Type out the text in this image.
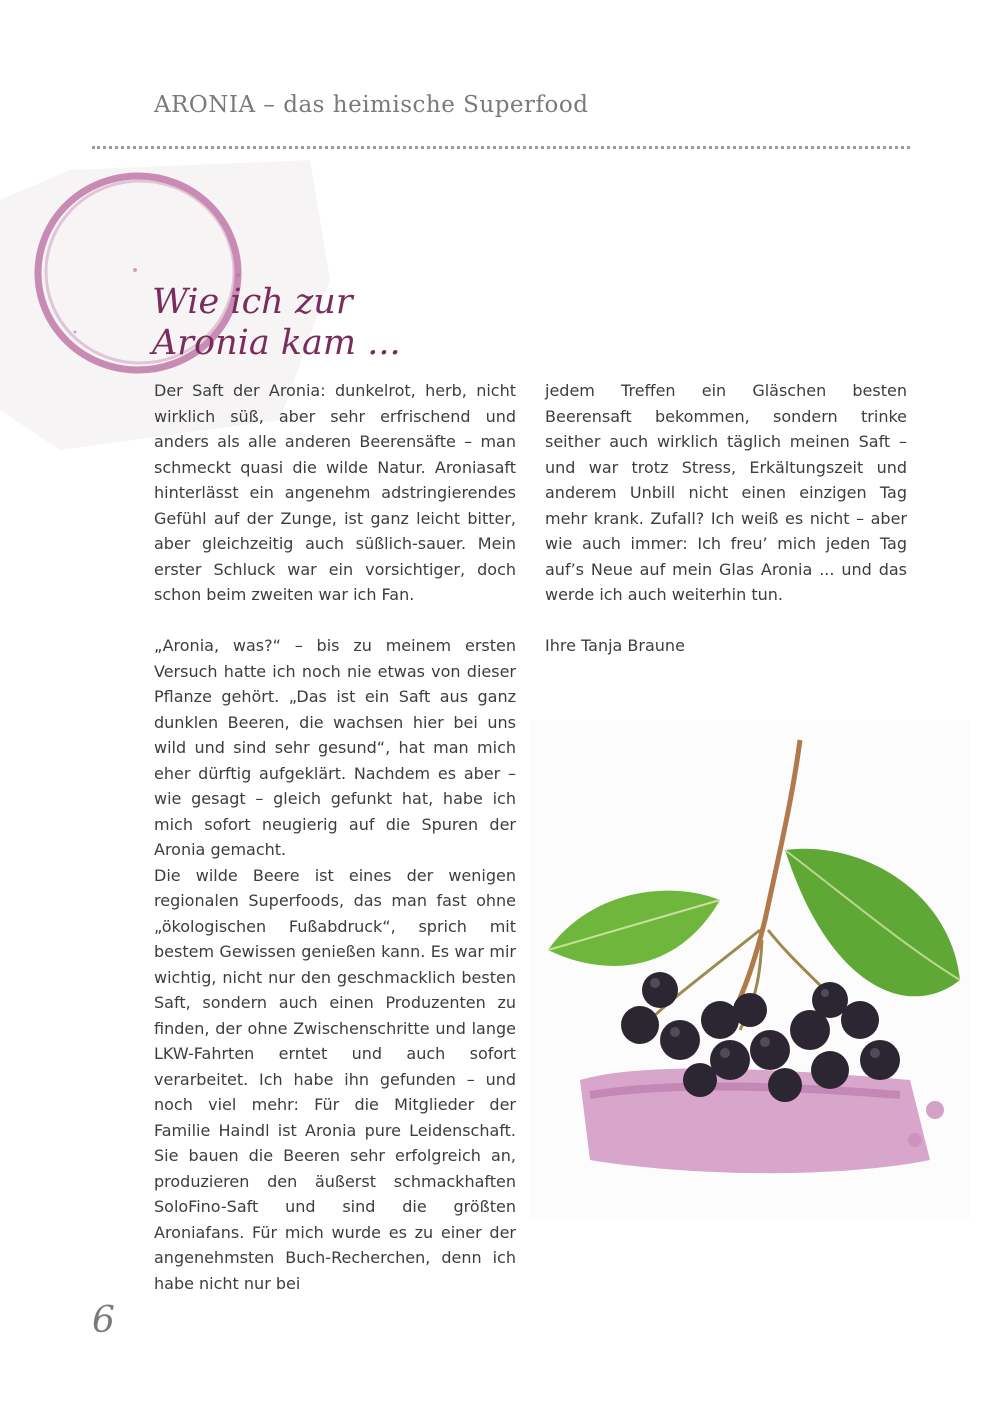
ARONIA – das heimische Superfood
Wie ich zur
Aronia kam ...

Der Saft der Aronia: dunkelrot, herb, nicht wirklich süß, aber sehr erfrischend und anders als alle anderen Beerensäfte – man schmeckt quasi die wilde Natur. Aroniasaft hinterlässt ein angenehm adstringierendes Gefühl auf der Zunge, ist ganz leicht bitter, aber gleichzeitig auch süßlich-sauer. Mein erster Schluck war ein vorsichtiger, doch schon beim zweiten war ich Fan.

„Aronia, was?“ – bis zu meinem ersten Versuch hatte ich noch nie etwas von dieser Pflanze gehört. „Das ist ein Saft aus ganz dunklen Beeren, die wachsen hier bei uns wild und sind sehr gesund“, hat man mich eher dürftig aufgeklärt. Nachdem es aber – wie gesagt – gleich gefunkt hat, habe ich mich sofort neugierig auf die Spuren der Aronia gemacht.

Die wilde Beere ist eines der wenigen regionalen Superfoods, das man fast ohne „ökologischen Fußabdruck“, sprich mit bestem Gewissen genießen kann. Es war mir wichtig, nicht nur den geschmacklich besten Saft, sondern auch einen Produzenten zu finden, der ohne Zwischenschritte und lange LKW-Fahrten erntet und auch sofort verarbeitet. Ich habe ihn gefunden – und noch viel mehr: Für die Mitglieder der Familie Haindl ist Aronia pure Leidenschaft. Sie bauen die Beeren sehr erfolgreich an, produzieren den äußerst schmackhaften SoloFino-Saft und sind die größten Aroniafans. Für mich wurde es zu einer der angenehmsten Buch-Recherchen, denn ich habe nicht nur bei

jedem Treffen ein Gläschen besten Beerensaft bekommen, sondern trinke seither auch wirklich täglich meinen Saft – und war trotz Stress, Erkältungszeit und anderem Unbill nicht einen einzigen Tag mehr krank. Zufall? Ich weiß es nicht – aber wie auch immer: Ich freu’ mich jeden Tag auf’s Neue auf mein Glas Aronia ... und das werde ich auch weiterhin tun.

Ihre Tanja Braune

6
